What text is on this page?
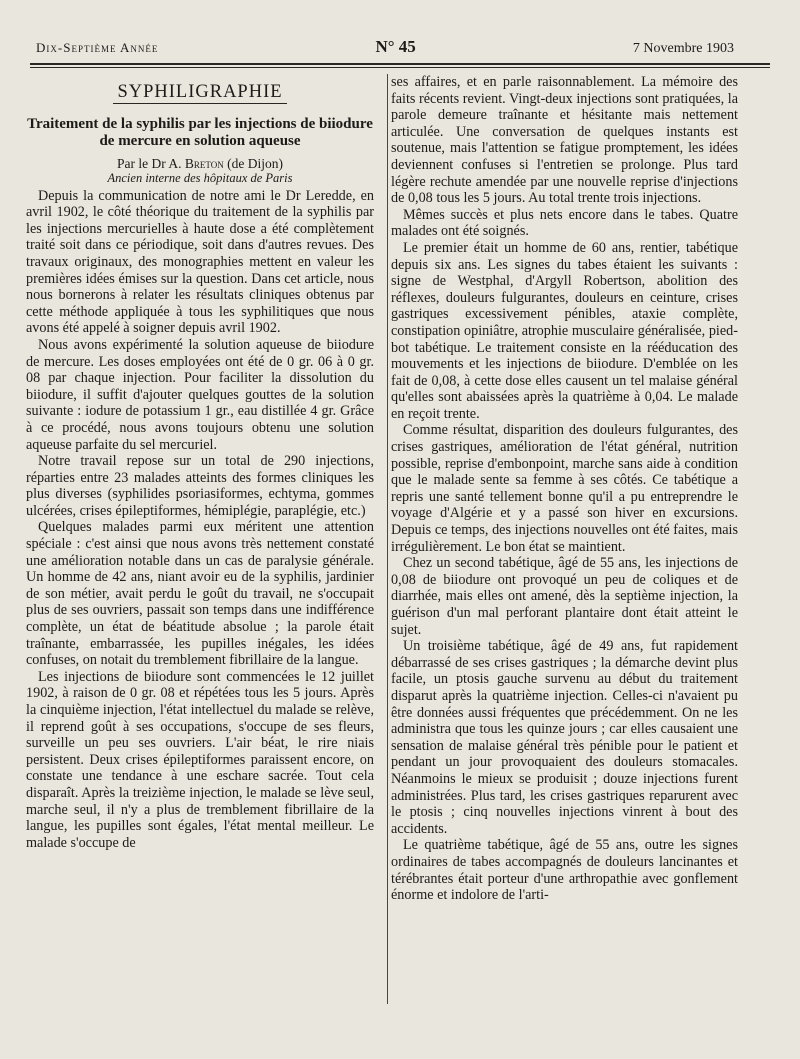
Dix-Septième Année	N° 45	7 Novembre 1903
SYPHILIGRAPHIE
Traitement de la syphilis par les injections de biiodure de mercure en solution aqueuse
Par le Dr A. Breton (de Dijon)
Ancien interne des hôpitaux de Paris

Depuis la communication de notre ami le Dr Leredde, en avril 1902, le côté théorique du traitement de la syphilis par les injections mercurielles à haute dose a été complètement traité soit dans ce périodique, soit dans d'autres revues. Des travaux originaux, des monographies mettent en valeur les premières idées émises sur la question. Dans cet article, nous nous bornerons à relater les résultats cliniques obtenus par cette méthode appliquée à tous les syphilitiques que nous avons été appelé à soigner depuis avril 1902.

Nous avons expérimenté la solution aqueuse de biiodure de mercure. Les doses employées ont été de 0 gr. 06 à 0 gr. 08 par chaque injection. Pour faciliter la dissolution du biiodure, il suffit d'ajouter quelques gouttes de la solution suivante : iodure de potassium 1 gr., eau distillée 4 gr. Grâce à ce procédé, nous avons toujours obtenu une solution aqueuse parfaite du sel mercuriel.

Notre travail repose sur un total de 290 injections, réparties entre 23 malades atteints des formes cliniques les plus diverses (syphilides psoriasiformes, echtyma, gommes ulcérées, crises épileptiformes, hémiplégie, paraplégie, etc.)

Quelques malades parmi eux méritent une attention spéciale : c'est ainsi que nous avons très nettement constaté une amélioration notable dans un cas de paralysie générale. Un homme de 42 ans, niant avoir eu de la syphilis, jardinier de son métier, avait perdu le goût du travail, ne s'occupait plus de ses ouvriers, passait son temps dans une indifférence complète, un état de béatitude absolue ; la parole était traînante, embarrassée, les pupilles inégales, les idées confuses, on notait du tremblement fibrillaire de la langue.

Les injections de biiodure sont commencées le 12 juillet 1902, à raison de 0 gr. 08 et répétées tous les 5 jours. Après la cinquième injection, l'état intellectuel du malade se relève, il reprend goût à ses occupations, s'occupe de ses fleurs, surveille un peu ses ouvriers. L'air béat, le rire niais persistent. Deux crises épileptiformes paraissent encore, on constate une tendance à une eschare sacrée. Tout cela disparaît. Après la treizième injection, le malade se lève seul, marche seul, il n'y a plus de tremblement fibrillaire de la langue, les pupilles sont égales, l'état mental meilleur. Le malade s'occupe de

ses affaires, et en parle raisonnablement. La mémoire des faits récents revient. Vingt-deux injections sont pratiquées, la parole demeure traînante et hésitante mais nettement articulée. Une conversation de quelques instants est soutenue, mais l'attention se fatigue promptement, les idées deviennent confuses si l'entretien se prolonge. Plus tard légère rechute amendée par une nouvelle reprise d'injections de 0,08 tous les 5 jours. Au total trente trois injections.

Mêmes succès et plus nets encore dans le tabes. Quatre malades ont été soignés.

Le premier était un homme de 60 ans, rentier, tabétique depuis six ans. Les signes du tabes étaient les suivants : signe de Westphal, d'Argyll Robertson, abolition des réflexes, douleurs fulgurantes, douleurs en ceinture, crises gastriques excessivement pénibles, ataxie complète, constipation opiniâtre, atrophie musculaire généralisée, pied-bot tabétique. Le traitement consiste en la rééducation des mouvements et les injections de biiodure. D'emblée on les fait de 0,08, à cette dose elles causent un tel malaise général qu'elles sont abaissées après la quatrième à 0,04. Le malade en reçoit trente.

Comme résultat, disparition des douleurs fulgurantes, des crises gastriques, amélioration de l'état général, nutrition possible, reprise d'embonpoint, marche sans aide à condition que le malade sente sa femme à ses côtés. Ce tabétique a repris une santé tellement bonne qu'il a pu entreprendre le voyage d'Algérie et y a passé son hiver en excursions. Depuis ce temps, des injections nouvelles ont été faites, mais irrégulièrement. Le bon état se maintient.

Chez un second tabétique, âgé de 55 ans, les injections de 0,08 de biiodure ont provoqué un peu de coliques et de diarrhée, mais elles ont amené, dès la septième injection, la guérison d'un mal perforant plantaire dont était atteint le sujet.

Un troisième tabétique, âgé de 49 ans, fut rapidement débarrassé de ses crises gastriques ; la démarche devint plus facile, un ptosis gauche survenu au début du traitement disparut après la quatrième injection. Celles-ci n'avaient pu être données aussi fréquentes que précédemment. On ne les administra que tous les quinze jours ; car elles causaient une sensation de malaise général très pénible pour le patient et pendant un jour provoquaient des douleurs stomacales. Néanmoins le mieux se produisit ; douze injections furent administrées. Plus tard, les crises gastriques reparurent avec le ptosis ; cinq nouvelles injections vinrent à bout des accidents.

Le quatrième tabétique, âgé de 55 ans, outre les signes ordinaires de tabes accompagnés de douleurs lancinantes et térébrantes était porteur d'une arthropathie avec gonflement énorme et indolore de l'arti-
